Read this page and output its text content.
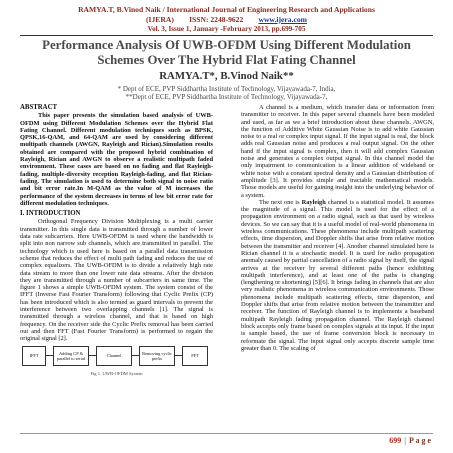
RAMYA.T, B.Vinod Naik / International Journal of Engineering Research and Applications
(IJERA) ISSN: 2248-9622 www.ijera.com
Vol. 3, Issue 1, January -February 2013, pp.699-705
Performance Analysis Of UWB-OFDM Using Different Modulation Schemes Over The Hybrid Flat Fating Channel
RAMYA.T*, B.Vinod Naik**
* Dept of ECE, PVP Siddhartha Institute of Technology, Vijayawada-7, India,
**Dept of ECE, PVP Siddhartha Institute of Technology, Vijayawada-7,
ABSTRACT

This paper presents the simulation based analysis of UWB-OFDM using Different Modulation Schemes over the Hybrid Flat Fating Channel. Different modulation techniques such as BPSK, QPSK,16-QAM, and 64-QAM are used by considering different multipath channels (AWGN, Rayleigh and Rician).Simulation results obtained are compared with the proposed hybrid combination of Rayleigh, Rician and AWGN to observe a realistic multipath faded environment. These cases are based on no fading and flat Rayleigh-fading, multiple-diversity reception Rayleigh-fading, and flat Rician-fading. The simulation is used to determine both signal to noise ratio and bit error rate.In M-QAM as the value of M increases the performance of the system decreases in terms of low bit error rate for different modulation techniques.

I. INTRODUCTION

Orthogonal Frequency Division Multiplexing is a multi carrier transmitter. In this single data is transmitted through a number of lower data rate subcarriers. Here UWB-OFDM is used where the bandwidth is split into non narrow sub channels, which are transmitted in parallel. The technology which is used here is based on a parallel data transmission scheme that reduces the effect of multi path fading and reduces the use of complex equalizers. The UWB-OFDM is to divide a relatively high rate data stream to more than one lower rate data streams. After the division they are transmitted through a number of subcarriers in same time. The figure 1 shows a simple UWB-OFDM system. The system consist of the IFFT (Inverse Fast Fourier Transform) following that Cyclic Prefix (CP) has been introduced which is also termed as guard intervals to prevent the interference between two overlapping channels [1]. The signal is transmitted through a wireless channel, and that is based on high frequency. On the receiver side the Cyclic Prefix removal has been carried out and then FFT (Fast Fourier Transform) is performed to regain the original signal [2].

IFFT	Adding CP & parallel to serial	Channel	Removing cyclic prefix	FFT
Fig 1. UWB-OFDM System

A channel is a medium, which transfer data or information from transmitter to receiver. In this paper several channels have been modeled and used, as far as we a brief introduction about these channels. AWGN, the function of Additive White Gaussian Noise is to add white Gaussian noise to a real or complex input signal. If the input signal is real, the block adds real Gaussian noise and produces a real output signal. On the other hand if the input signal is complex, then it will add complex Gaussian noise and generates a complex output signal. In this channel model the only impairment to communication is a linear addition of wideband or white noise with a constant spectral density and a Gaussian distribution of amplitude [3]. It provides simple and tractable mathematical models. Those models are useful for gaining insight into the underlying behavior of a system.

The next one is Rayleigh channel is a statistical model. It assumes the magnitude of a signal. This model is used for the effect of a propagation environment on a radio signal, such as that used by wireless devices. So we can say that it is a useful model of real-world phenomena in wireless communications. These phenomena include multipath scattering effects, time dispersion, and Doppler shifts that arise from relative motion between the transmitter and receiver [4]. Another channel simulated here is Rician channel it is a stochastic model. It is used for radio propagation anomaly caused by partial cancellation of a radio signal by itself, the signal arrives at the receiver by several different paths (hence exhibiting multipath interference), and at least one of the paths is changing (lengthening or shortening) [5][6]. It brings fading in channels that are also very realistic phenomena in wireless communication environments. Those phenomena include multipath scattering effects, time dispersion, and Doppler shifts that arise from relative motion between the transmitter and receiver. The function of Rayleigh channel is to implements a baseband multipath Rayleigh fading propagation channel. The Rayleigh channel block accepts only frame based on complex signals at its input. If the input is sample based, the use of frame conversion block is necessary to reformate the signal. The input signal only accepts discrete sample time greater than 0. The scaling of

699 | P a g e
